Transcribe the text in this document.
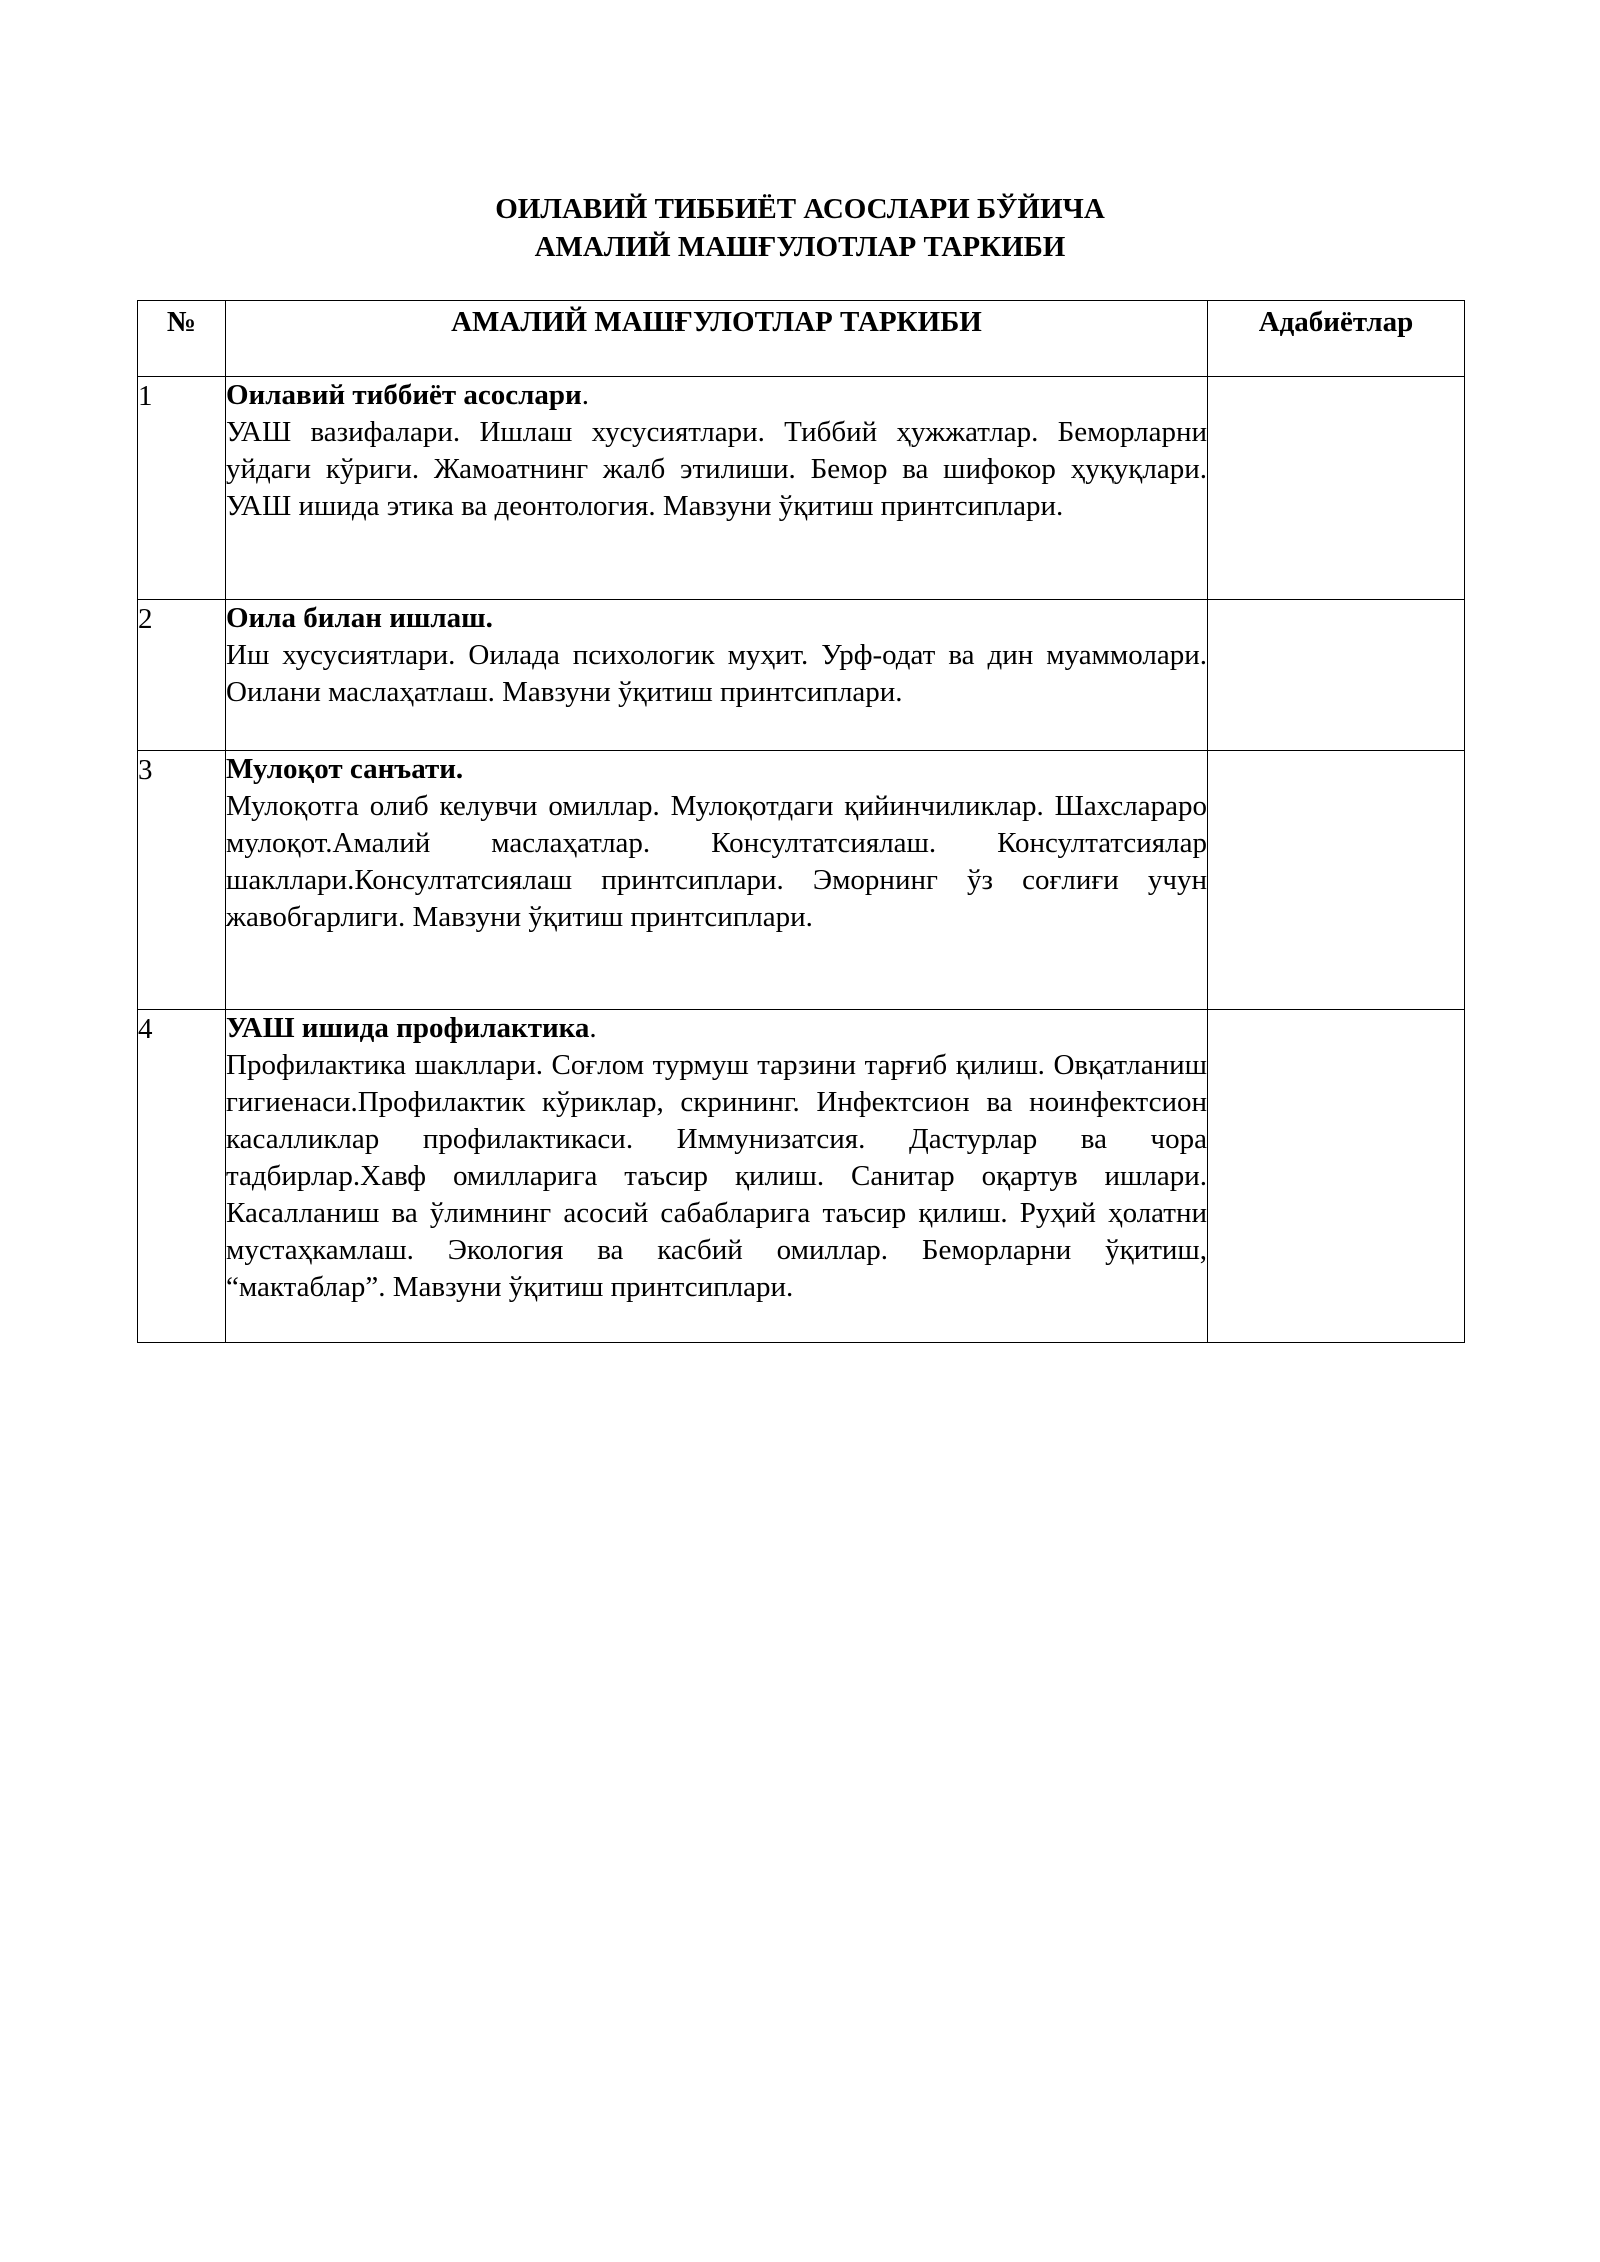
ОИЛАВИЙ ТИББИЁТ АСОСЛАРИ БЎЙИЧА
АМАЛИЙ МАШҒУЛОТЛАР ТАРКИБИ
№	АМАЛИЙ МАШҒУЛОТЛАР ТАРКИБИ	Адабиётлар
1	Оилавий тиббиёт асослари.
УАШ вазифалари. Ишлаш хусусиятлари. Тиббий ҳужжатлар. Беморларни уйдаги кўриги. Жамоатнинг жалб этилиши. Бемор ва шифокор ҳуқуқлари. УАШ ишида этика ва деонтология. Мавзуни ўқитиш принтсиплари.	

2	Оила билан ишлаш.
Иш хусусиятлари. Оилада психологик муҳит. Урф-одат ва дин муаммолари. Оилани маслаҳатлаш. Мавзуни ўқитиш принтсиплари.	

3	Мулоқот санъати.
Мулоқотга олиб келувчи омиллар. Мулоқотдаги қийинчиликлар. Шахслараро мулоқот.Амалий маслаҳатлар. Консултатсиялаш. Консултатсиялар шакллари.Консултатсиялаш принтсиплари. Эморнинг ўз соғлиғи учун жавобгарлиги. Мавзуни ўқитиш принтсиплари.	

4	УАШ ишида профилактика.
Профилактика шакллари. Соғлом турмуш тарзини тарғиб қилиш. Овқатланиш гигиенаси.Профилактик кўриклар, скрининг. Инфектсион ва ноинфектсион касалликлар профилактикаси. Иммунизатсия. Дастурлар ва чора тадбирлар.Хавф омилларига таъсир қилиш. Санитар оқартув ишлари. Касалланиш ва ўлимнинг асосий сабабларига таъсир қилиш. Руҳий ҳолатни мустаҳкамлаш. Экология ва касбий омиллар. Беморларни ўқитиш, “мактаблар”. Мавзуни ўқитиш принтсиплари.	
